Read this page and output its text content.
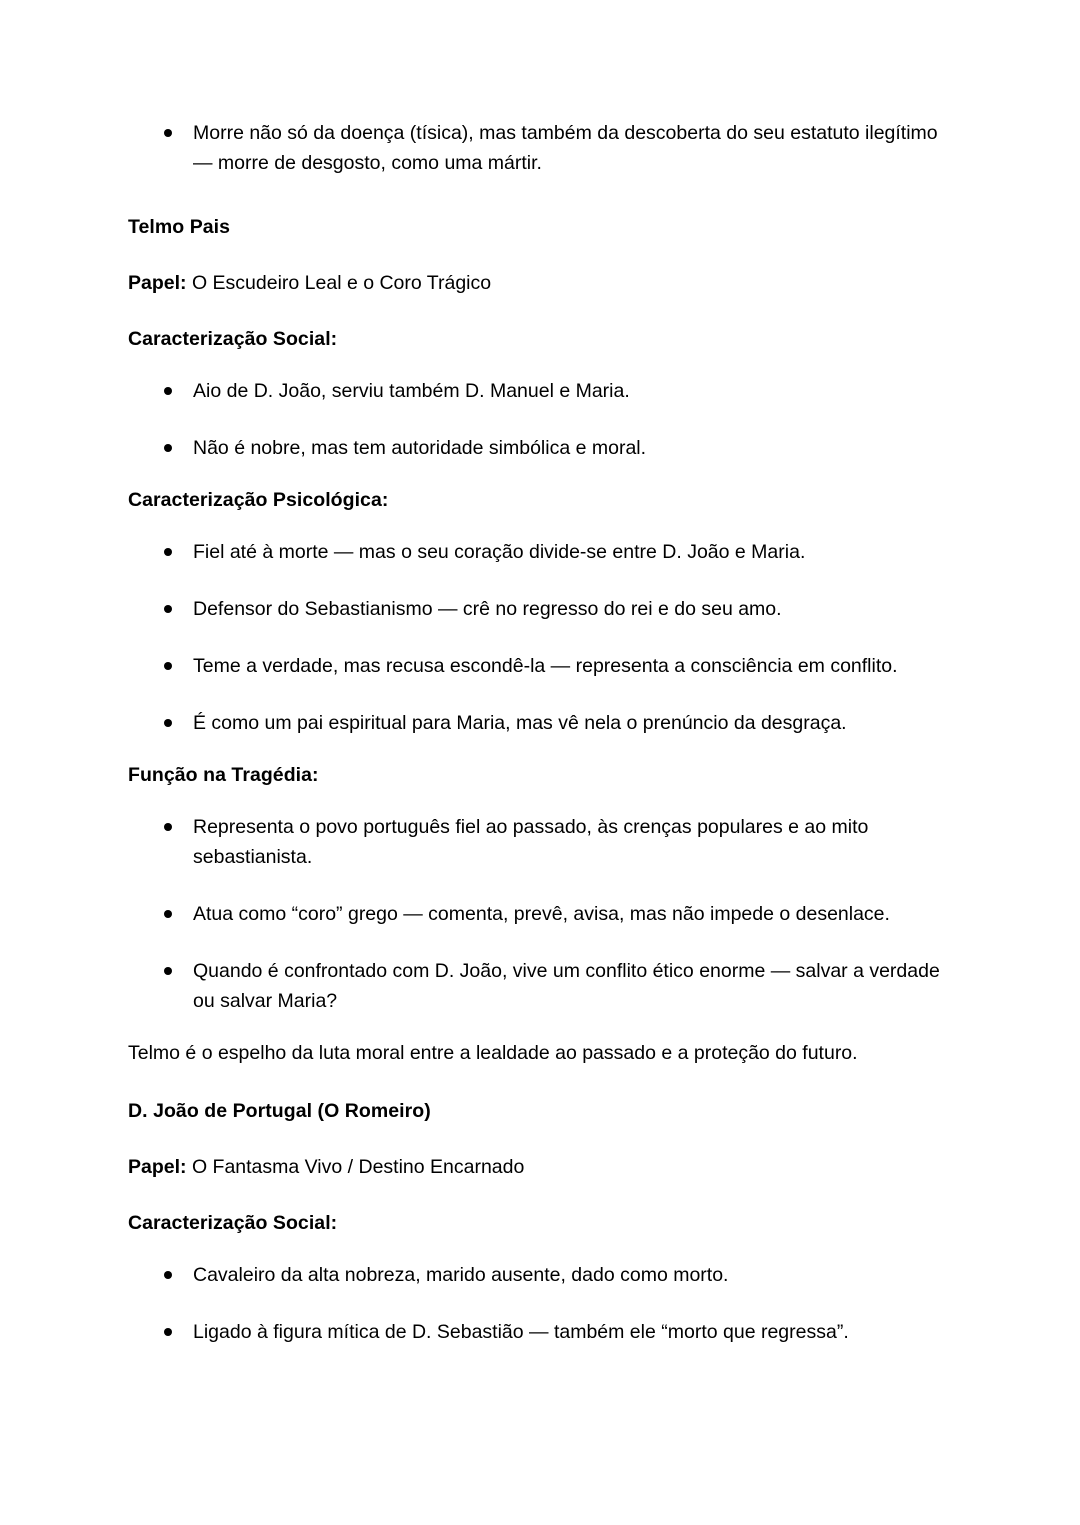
Morre não só da doença (tísica), mas também da descoberta do seu estatuto ilegítimo — morre de desgosto, como uma mártir.
Telmo Pais

Papel: O Escudeiro Leal e o Coro Trágico

Caracterização Social:
Aio de D. João, serviu também D. Manuel e Maria.
Não é nobre, mas tem autoridade simbólica e moral.
Caracterização Psicológica:
Fiel até à morte — mas o seu coração divide-se entre D. João e Maria.
Defensor do Sebastianismo — crê no regresso do rei e do seu amo.
Teme a verdade, mas recusa escondê-la — representa a consciência em conflito.
É como um pai espiritual para Maria, mas vê nela o prenúncio da desgraça.
Função na Tragédia:
Representa o povo português fiel ao passado, às crenças populares e ao mito sebastianista.
Atua como “coro” grego — comenta, prevê, avisa, mas não impede o desenlace.
Quando é confrontado com D. João, vive um conflito ético enorme — salvar a verdade ou salvar Maria?

Telmo é o espelho da luta moral entre a lealdade ao passado e a proteção do futuro.

D. João de Portugal (O Romeiro)

Papel: O Fantasma Vivo / Destino Encarnado

Caracterização Social:
Cavaleiro da alta nobreza, marido ausente, dado como morto.
Ligado à figura mítica de D. Sebastião — também ele “morto que regressa”.
